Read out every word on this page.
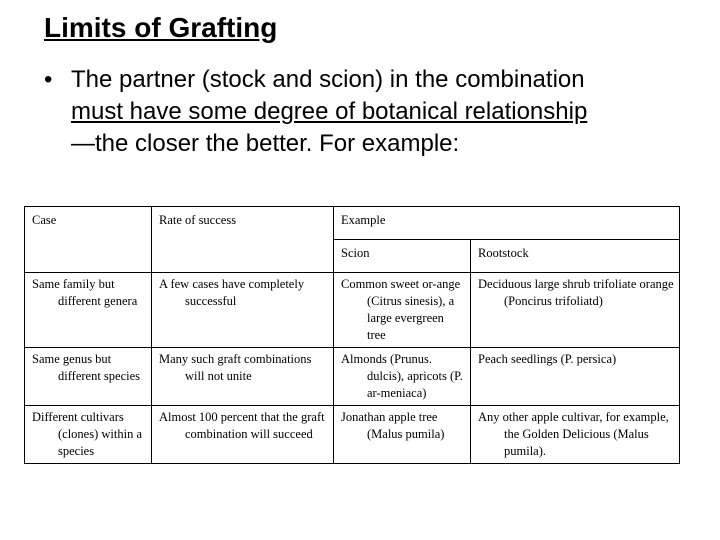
Limits of Grafting
• The partner (stock and scion) in the combination
must have some degree of botanical relationship
—the closer the better. For example:
Case	Rate of success	Example	
		Scion	Rootstock

Same family but different genera	A few cases have completely successful	Common sweet or-ange (Citrus sinesis), a large evergreen tree	Deciduous large shrub trifoliate orange (Poncirus trifoliatd)

Same genus but different species	Many such graft combinations will not unite	Almonds (Prunus. dulcis), apricots (P. ar-meniaca)	Peach seedlings (P. persica)

Different cultivars (clones) within a species	Almost 100 percent that the graft combination will succeed	Jonathan apple tree (Malus pumila)	Any other apple cultivar, for example, the Golden Delicious (Malus pumila).
